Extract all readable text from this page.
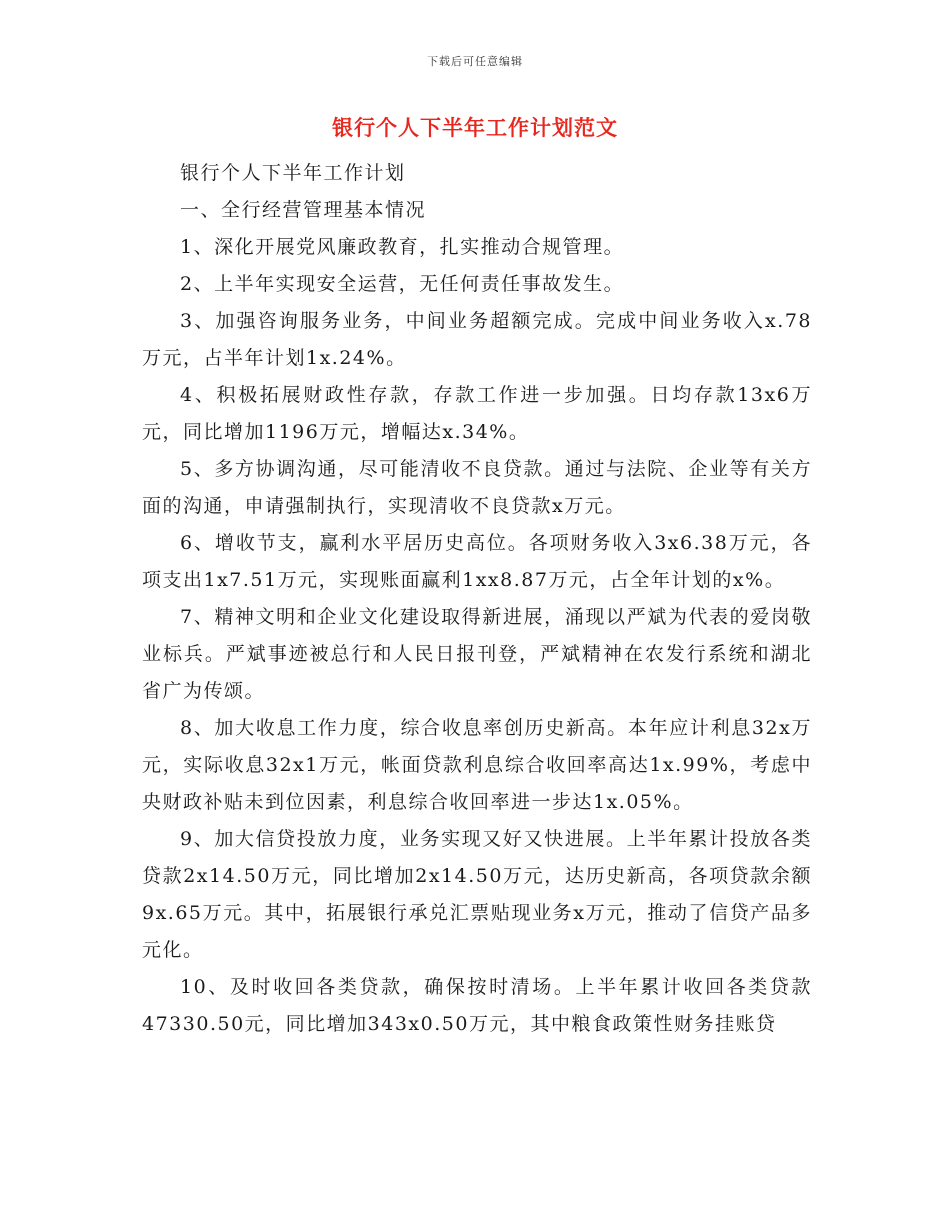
下载后可任意编辑
银行个人下半年工作计划范文

银行个人下半年工作计划

一、全行经营管理基本情况

1、深化开展党风廉政教育，扎实推动合规管理。

2、上半年实现安全运营，无任何责任事故发生。

3、加强咨询服务业务，中间业务超额完成。完成中间业务收入x.78万元，占半年计划1x.24%。

4、积极拓展财政性存款，存款工作进一步加强。日均存款13x6万元，同比增加1196万元，增幅达x.34%。

5、多方协调沟通，尽可能清收不良贷款。通过与法院、企业等有关方面的沟通，申请强制执行，实现清收不良贷款x万元。

6、增收节支，赢利水平居历史高位。各项财务收入3x6.38万元，各项支出1x7.51万元，实现账面赢利1xx8.87万元，占全年计划的x%。

7、精神文明和企业文化建设取得新进展，涌现以严斌为代表的爱岗敬业标兵。严斌事迹被总行和人民日报刊登，严斌精神在农发行系统和湖北省广为传颂。

8、加大收息工作力度，综合收息率创历史新高。本年应计利息32x万元，实际收息32x1万元，帐面贷款利息综合收回率高达1x.99%，考虑中央财政补贴未到位因素，利息综合收回率进一步达1x.05%。

9、加大信贷投放力度，业务实现又好又快进展。上半年累计投放各类贷款2x14.50万元，同比增加2x14.50万元，达历史新高，各项贷款余额9x.65万元。其中，拓展银行承兑汇票贴现业务x万元，推动了信贷产品多元化。

10、及时收回各类贷款，确保按时清场。上半年累计收回各类贷款47330.50元，同比增加343x0.50万元，其中粮食政策性财务挂账贷
